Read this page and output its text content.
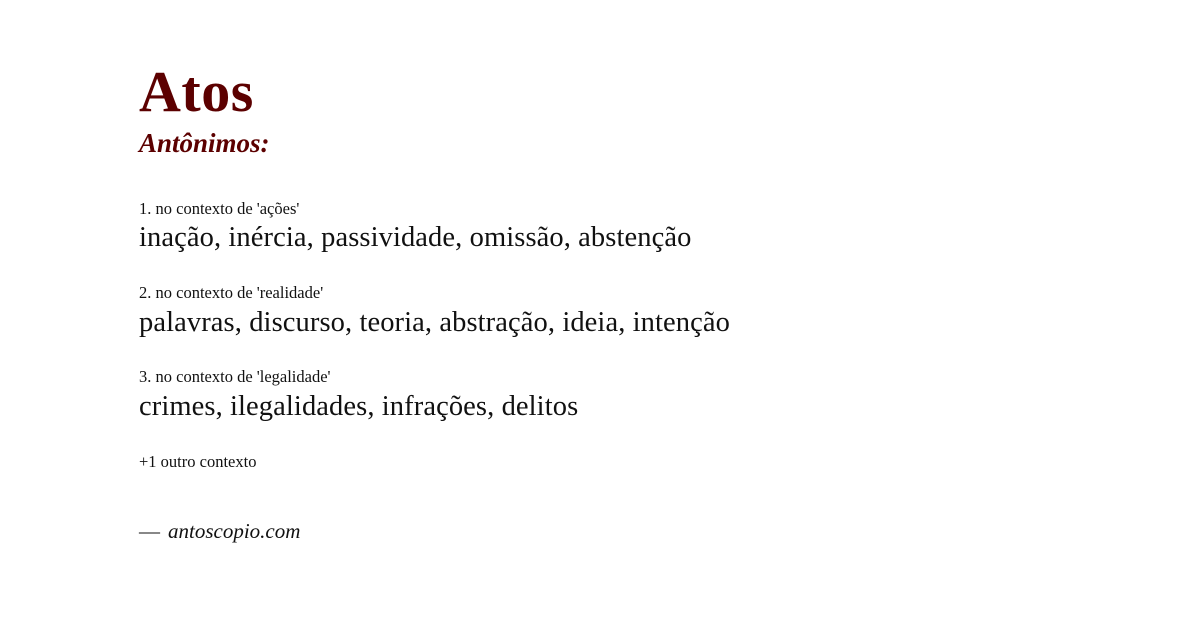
Atos
Antônimos:
1. no contexto de 'ações'
inação, inércia, passividade, omissão, abstenção
2. no contexto de 'realidade'
palavras, discurso, teoria, abstração, ideia, intenção
3. no contexto de 'legalidade'
crimes, ilegalidades, infrações, delitos
+1 outro contexto
— antoscopio.com
